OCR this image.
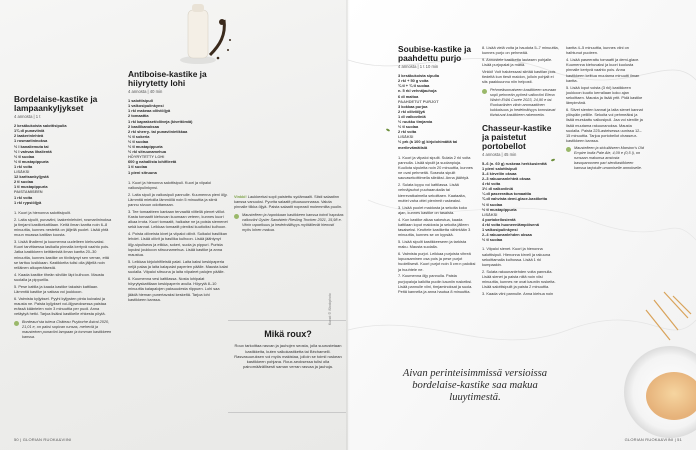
Bordelaise-kastike ja lampaankyljykset
4 annosta | 1 t
2 kesäkukoista salottisipulia
1¾ dl punaviiniä
2 laakerinlehteä
1 rosmariininoksa
½ l kanaliemuta tai
½ l vahvaa lihalientä
½ tl suolaa
½ tl mustapippuria
1 rkl voita
LISÄKSI
12 karitsankyljystä
2 tl suolaa
1 tl mustapippuria
PAISTAMISEEN
1 rkl voita
1 rkl rypsiöljyä
1. Kuori ja hienonna salottisipulit.
2. Laita sipulit, punaviini, laakerinlehdet, rosmariininoksa ja timjami kastikekattilaan. Keitä ilman kantta noin 6–8 minuuttia, kunnes nestettä on jäljellä puolet. Lisää yhtä muun muassa kattilan koosta.
3. Lisää lihaliemi ja kuumenna uudelleen kiehuvaksi. Kuori tarvittaessa lasikalla pinnalla kertyvä vaahto pois. Jatka kastikkeen keittämistä ilman kantta 20–30 minuuttia, kunnes kastike on tiiviistynyt sen verran, että se tarttuu lusikkaan. Kastikkeita tulisi olla jäljellä noin reiläinen alkuperäisestä.
4. Kaada kastike tiheän siivilän läpi kulhoon. Mausta suolalla ja pippurilla.
5. Pese kattila ja kaada kastike takaisin kattilaan. Lämmitä kastike ja vatkaa voi joukkoon.
6. Valmista kyljykset. Pyyhi kyljysten pinta kuivaksi ja mausta ne. Paista kyljykset voi-öljyseoksessa paistaa erässä kääntelen noin 3 minuuttia per puoli. Anna vetäytyä hetki. Tarjoa lisäksi kastikelle ehkesta pöytä.
Bordeaux'sta tuleva Château Puyborhe Astral 2020, 21,01 e, on paksi sopivan runsas, meheviä ja mausteinen punaviini lampaan ja tomman kastikkeen kanssa.
Antiboise-kastike ja hiiyrytetty lohi
4 annosta | 40 min
1 salottisipuli
1 valkosipulinkynsi
1 rkl makeaa oliiviöljyä
2 tomaattia
1 rkl kaprakset/oliiveja (kivettömiä)
2 basilikanoksaa
2 rkl sherry- tai punaviinietikkaa
½ tl sokeria
½ tl suolaa
½ tl mustapippuria
½ rkl sitruunamehua
HÖYRYTETTY LOHI
600 g nahallista lohifileetä
1 tl suolaa
1 pieni sitruuna
1. Kuori ja hienonna salottisipuli. Kuori ja viipaloi valkosipulinkynsi.
2. Laita sipuli ja valkosipuli pannulle. Kuumenna pieni öljy. Lämmitä mietoilla lämmöllä noin 5 minuuttia ja siirrä pannu sivuun odottamaan.
3. Tee tomaatteen kantaan tervaaltä viiltellä pienet viillot. Kasta tomaatit kiehuvan kuumaan veteen, kunnes kuori alkaa irrota. Kuori tomaatit, halkaise ne ja poista siemenet sekä kannat. Leikkaa tomaatit pieniksi kuutioiksi kulhoon.
4. Poista oliiveista kivet ja viipaloi oliivit. Suikaloi basilikan lehdet. Lisää oliivit ja basilika kulhoon. Lisää jäähtynyt öljy-sipuliseos ja etikka, sokeri, suola ja pippuri. Purista lopuksi joukkoon sitruunamehua. Lisää kastike ja anna maustua.
5. Leikkaa kirjolohifileistä palat. Laita kaksi keskipaperia neljä palaa ja laita kalapalat paperien päälle. Mausta kalat suolalla. Viipaloi sitruuna ja laita viipaleet palojen päälle.
6. Kuumenna vesi kattilassa. Nosta lohipalat höyrytyskattilaan keskipaperin avulla. Höyrytä 8–10 minuuttia kalapalojen paksuudesta riippuen. Lohi saa jäädä hieman punertavaksi keskeltä. Tarjoa lohi kastikkeen kanssa.
Vinkki! Laukkeekai sopii paistettu sydämaalti. Siisti salaatinn kanssa vanuuksi. Pyorita salaatit pituusuunnassa. Valuta pinnalle tilkka öljyä. Paista salaatit nopeasti molemmilta puolin.
Maustelleen ja hapokkaan kastikkeen kanssa toimii hapokas valkoviini Gysler Sandstein Riesling Trocken 2021, 15,98 e. Viinin raparikuus ja hedelmällisyys myötäilevät hienosti myös lohen makua.
Mikä roux?
Roux tarkoittaa rasvan ja jauhojen seosta, jolla suurustetaan kastikkeita, kuten valkokastiketta tai Béchamelli. Rasvasuuruksen voi myös makistaa, jolloin se toimii ruskean kastikkeen pohjana. Roux-seoksessa tulisi olla painomäärällisesti saman verran rasvaa ja jauhoja.
Kuvat: © iStockphoto
50 | GLORIAN RUOKA&VIINI
Soubise-kastike ja paahdettu purjo
4 annosta | 1 t 10 min
3 kesäkukoista sipulia
2 rkl + 50 g voita
¾ tl + ¾ tl suolaa
n. 5 rkl vehnäjauhoja
6 dl maitoa
PAAHDETUT PURJOT
3 kokkaa purjoa
2 rkl oliiviöljyä
1 dl valkoviiniä
½ ruukku timjamia
½ tl suolaa
2 rkl voita
LISÄKSI
½ prk (à 100 g) kirjolohimätiä tai merilevämätisiä
1. Kuori ja viipaloi sipulit. Sulata 2 rkl voita pannulla. Lisää sipulit ja suolanpiuja. Kuullota sipuleita noin 20 minuuttia, kunnes ne ovat pehmeitä. Soseuta sipulit sauvasekoittimella sileäksi. Anna jäähtyä.
2. Sulata loppu voi kattilassa. Lisää vehnäjauhot puuhaarukalla tai kierrevatkaimella sekoittaen. Kaataaita, muttei vaha ottei pienirmit ruskeaksi.
3. Lisää puolet maidosta ja sekoita koko ajan, kunnes kastike on tasaista.
4. Kun kastike alkaa sakeutua, kaada kattilaan loput maidosta ja sekoita jälleen tasaiseksi. Keuttele kastiketta vähintään 3 minuuttia, kunnes se on kypsää.
5. Lisää sipulit kastikkeeseen ja tarkista maku. Mausta suolalla.
6. Valmista purjot. Leikkaa purjoista vihreä lopuosaminen osa pois ja pese purjot huolellisesti. Kuori purjot noin 5 cm:n paloiksi ja huuhtele ne.
7. Kuumenna öljy pannulla. Paista purjopaloja kaikilta puolin kauniin ruskeiksi. Lisää pannulle viini, timjaminoksat ja suola. Peitä kannella ja anna hautua 8 minuuttia.
8. Lisää vielä voita ja haudota 5–7 minuuttia, kunnes purjo on pehmeää.
9. Annostele kastiketta lautasen pohjalle. Lisää purjopalat ja mätiä.
Vinkki! Voit halutessasi siirtää kastilan pois tiedeltä kun tiesit maidon, jolloin pohjalt ei siis paakkuunnu niin helposti.
Pehmeäsomaiseen kastikkeen seuraan sopii pehmeän pyöreä valkoviini Elena Walch EWA Cuvée 2023, 24,90 e tai. Ruokaviinien viinin aromaattinen kukkaisuus ja hedelmäisyys korostavat tiivistuvat kastikkeen rakennetta.
Chasseur-kastike ja paistetut portobellot
4 annosta | 45 min
5–6 (n. 60 g) ruskeaa herkkusienttä
1 pieni salottisipuli
3–4 kirveliin oksaa
2–3 rakuunanlehteä oksaa
4 rkl voita
1½ dl valkoviiniä
¼ dl paseerattua tomaattia
¾ dl vahvista demi-glace-kastiketta
½ tl suolaa
½ tl mustapippuria
LISÄKSI
4 portobellosientä
4 rkl voita huoneenlämpöisenä
1 valkosipulinkynsi
2–4 rakuunanlehden oksaa
½ tl suolaa
1. Viipaloi sienet. Kuori ja hienonna salottisipuli. Hienonna kirveli ja rakuuna sekoittamalla kulhossa. Lisää 1 rkl kumpaakin.
2. Sulata rakuunanlehden voita pannulla. Lisää sienet ja paista niitä noin viisi minuuttia, kunnes ne ovat kauniin ruskeita. Lisää salottisipulit ja paista 2 minuuttia.
3. Kaada viini pannulle. Anna kiehua noin
kantta 4–5 minuuttia, kunnes viini on haihtunut puoleen.
4. Lisää paseerattu tomaatti ja demi-glace. Kuumenna kiehuvaksi ja kuori kuolusta pinnalle kertyvä vaahto pois. Anna kastikkeen keittua muutama minuutti ilman kantta.
5. Lisää loput voista (3 rkl) kastikkeen joukkoon kuutio kerrallaan koko ajan sekoittaen. Mausta ja lisää yrtit. Pidä kastike lämpimänä.
6. Siivet sienten kannat ja laita sienet kannat ylöspäin pellille. Sekoita voi pehmeäksi ja lisää murskattu valkosipuli. Jaa voi sienille ja lisää muutama rakuunanoksa. Mausta suolalla. Paista 225-asteisessa uunissa 12–15 minuuttia. Tarjoa portobellot chasseur-kastikkeen kanssa.
Maustelleen ja sirkuläiseen Marston's Old Empire India Pale Ale, 4,09 e (0,5 l), on runsaan makunsa ansiosta basopanoonen pari sienikastikkeen kanssa tarjotulle umamiselle annokselle.
Aivan perinteisimmissä versioissa bordelaise-kastike saa makua luuytimestä.
GLORIAN RUOKA&VIINI | 51
